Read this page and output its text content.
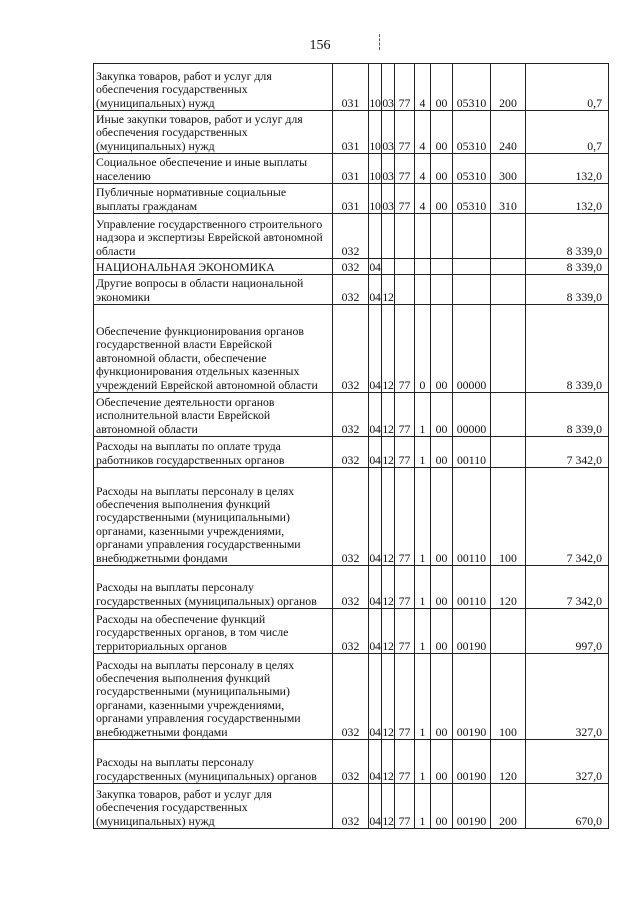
156
Закупка товаров, работ и услуг для обеспечения государственных (муниципальных) нужд	031	10	03	77	4	00	05310	200	0,7
Иные закупки товаров, работ и услуг для обеспечения государственных (муниципальных) нужд	031	10	03	77	4	00	05310	240	0,7
Социальное обеспечение и иные выплаты населению	031	10	03	77	4	00	05310	300	132,0
Публичные нормативные социальные выплаты гражданам	031	10	03	77	4	00	05310	310	132,0
Управление государственного строительного надзора и экспертизы Еврейской автономной области	032								8 339,0
НАЦИОНАЛЬНАЯ ЭКОНОМИКА	032	04							8 339,0
Другие вопросы в области национальной экономики	032	04	12						8 339,0
Обеспечение функционирования органов государственной власти Еврейской автономной области, обеспечение функционирования отдельных казенных учреждений Еврейской автономной области	032	04	12	77	0	00	00000		8 339,0
Обеспечение деятельности органов исполнительной власти Еврейской автономной области	032	04	12	77	1	00	00000		8 339,0
Расходы на выплаты по оплате труда работников государственных органов	032	04	12	77	1	00	00110		7 342,0
Расходы на выплаты персоналу в целях обеспечения выполнения функций государственными (муниципальными) органами, казенными учреждениями, органами управления государственными внебюджетными фондами	032	04	12	77	1	00	00110	100	7 342,0
Расходы на выплаты персоналу государственных (муниципальных) органов	032	04	12	77	1	00	00110	120	7 342,0
Расходы на обеспечение функций государственных органов, в том числе территориальных органов	032	04	12	77	1	00	00190		997,0
Расходы на выплаты персоналу в целях обеспечения выполнения функций государственными (муниципальными) органами, казенными учреждениями, органами управления государственными внебюджетными фондами	032	04	12	77	1	00	00190	100	327,0
Расходы на выплаты персоналу государственных (муниципальных) органов	032	04	12	77	1	00	00190	120	327,0
Закупка товаров, работ и услуг для обеспечения государственных (муниципальных) нужд	032	04	12	77	1	00	00190	200	670,0
